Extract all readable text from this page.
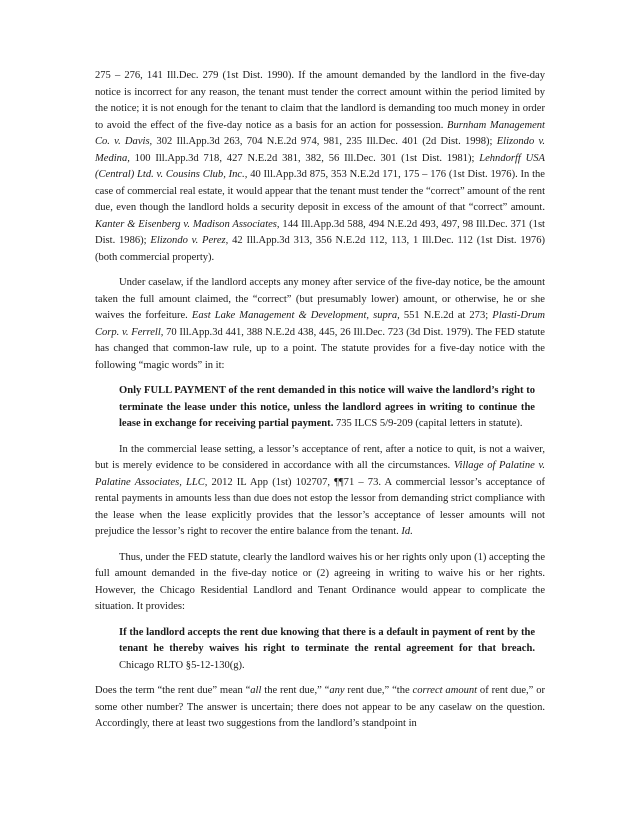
275 – 276, 141 Ill.Dec. 279 (1st Dist. 1990). If the amount demanded by the landlord in the five-day notice is incorrect for any reason, the tenant must tender the correct amount within the period limited by the notice; it is not enough for the tenant to claim that the landlord is demanding too much money in order to avoid the effect of the five-day notice as a basis for an action for possession. Burnham Management Co. v. Davis, 302 Ill.App.3d 263, 704 N.E.2d 974, 981, 235 Ill.Dec. 401 (2d Dist. 1998); Elizondo v. Medina, 100 Ill.App.3d 718, 427 N.E.2d 381, 382, 56 Ill.Dec. 301 (1st Dist. 1981); Lehndorff USA (Central) Ltd. v. Cousins Club, Inc., 40 Ill.App.3d 875, 353 N.E.2d 171, 175 – 176 (1st Dist. 1976). In the case of commercial real estate, it would appear that the tenant must tender the “correct” amount of the rent due, even though the landlord holds a security deposit in excess of the amount of that “correct” amount. Kanter & Eisenberg v. Madison Associates, 144 Ill.App.3d 588, 494 N.E.2d 493, 497, 98 Ill.Dec. 371 (1st Dist. 1986); Elizondo v. Perez, 42 Ill.App.3d 313, 356 N.E.2d 112, 113, 1 Ill.Dec. 112 (1st Dist. 1976) (both commercial property).

Under caselaw, if the landlord accepts any money after service of the five-day notice, be the amount taken the full amount claimed, the “correct” (but presumably lower) amount, or otherwise, he or she waives the forfeiture. East Lake Management & Development, supra, 551 N.E.2d at 273; Plasti-Drum Corp. v. Ferrell, 70 Ill.App.3d 441, 388 N.E.2d 438, 445, 26 Ill.Dec. 723 (3d Dist. 1979). The FED statute has changed that common-law rule, up to a point. The statute provides for a five-day notice with the following “magic words” in it:

Only FULL PAYMENT of the rent demanded in this notice will waive the landlord’s right to terminate the lease under this notice, unless the landlord agrees in writing to continue the lease in exchange for receiving partial payment. 735 ILCS 5/9-209 (capital letters in statute).

In the commercial lease setting, a lessor’s acceptance of rent, after a notice to quit, is not a waiver, but is merely evidence to be considered in accordance with all the circumstances. Village of Palatine v. Palatine Associates, LLC, 2012 IL App (1st) 102707, ¶¶71 – 73. A commercial lessor’s acceptance of rental payments in amounts less than due does not estop the lessor from demanding strict compliance with the lease when the lease explicitly provides that the lessor’s acceptance of lesser amounts will not prejudice the lessor’s right to recover the entire balance from the tenant. Id.

Thus, under the FED statute, clearly the landlord waives his or her rights only upon (1) accepting the full amount demanded in the five-day notice or (2) agreeing in writing to waive his or her rights. However, the Chicago Residential Landlord and Tenant Ordinance would appear to complicate the situation. It provides:

If the landlord accepts the rent due knowing that there is a default in payment of rent by the tenant he thereby waives his right to terminate the rental agreement for that breach. Chicago RLTO §5-12-130(g).

Does the term “the rent due” mean “all the rent due,” “any rent due,” “the correct amount of rent due,” or some other number? The answer is uncertain; there does not appear to be any caselaw on the question. Accordingly, there at least two suggestions from the landlord’s standpoint in
